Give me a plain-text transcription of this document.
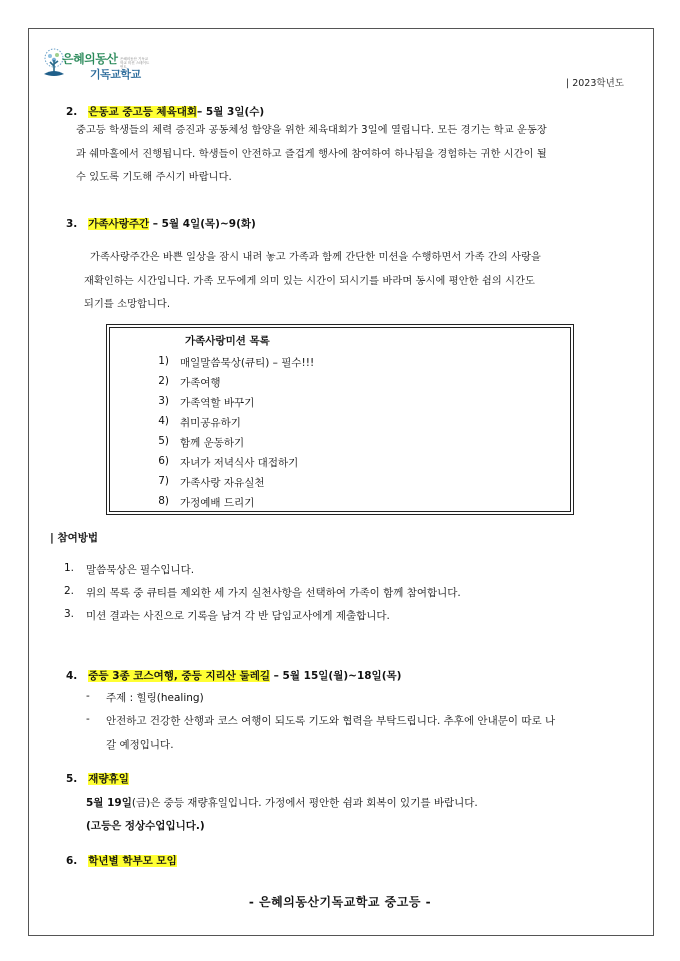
은혜의동산 은혜의동산 기독교학교 미션 스테이트먼트
기독교학교
| 2023학년도
2. 은동교 중고등 체육대회– 5월 3일(수)
중고등 학생들의 체력 증진과 공동체성 함양을 위한 체육대회가 3일에 열립니다. 모든 경기는 학교 운동장
과 쉐마홀에서 진행됩니다. 학생들이 안전하고 즐겁게 행사에 참여하여 하나됨을 경험하는 귀한 시간이 될
수 있도록 기도해 주시기 바랍니다.
3. 가족사랑주간 – 5월 4일(목)~9(화)
가족사랑주간은 바쁜 일상을 잠시 내려 놓고 가족과 함께 간단한 미션을 수행하면서 가족 간의 사랑을
재확인하는 시간입니다. 가족 모두에게 의미 있는 시간이 되시기를 바라며 동시에 평안한 쉼의 시간도
되기를 소망합니다.
가족사랑미션 목록
1) 매일말씀묵상(큐티) – 필수!!!
2) 가족여행
3) 가족역할 바꾸기
4) 취미공유하기
5) 함께 운동하기
6) 자녀가 저녁식사 대접하기
7) 가족사랑 자유실천
8) 가정예배 드리기
| 참여방법
1. 말씀묵상은 필수입니다.
2. 위의 목록 중 큐티를 제외한 세 가지 실천사항을 선택하여 가족이 함께 참여합니다.
3. 미션 결과는 사진으로 기록을 남겨 각 반 담임교사에게 제출합니다.
4. 중등 3종 코스여행, 중등 지리산 둘레길 – 5월 15일(월)~18일(목)
- 주제 : 힐링(healing)
- 안전하고 건강한 산행과 코스 여행이 되도록 기도와 협력을 부탁드립니다. 추후에 안내문이 따로 나
갈 예정입니다.
5. 재량휴일
5월 19일(금)은 중등 재량휴일입니다. 가정에서 평안한 쉼과 회복이 있기를 바랍니다.
(고등은 정상수업입니다.)
6. 학년별 학부모 모임
- 은혜의동산기독교학교 중고등 -
